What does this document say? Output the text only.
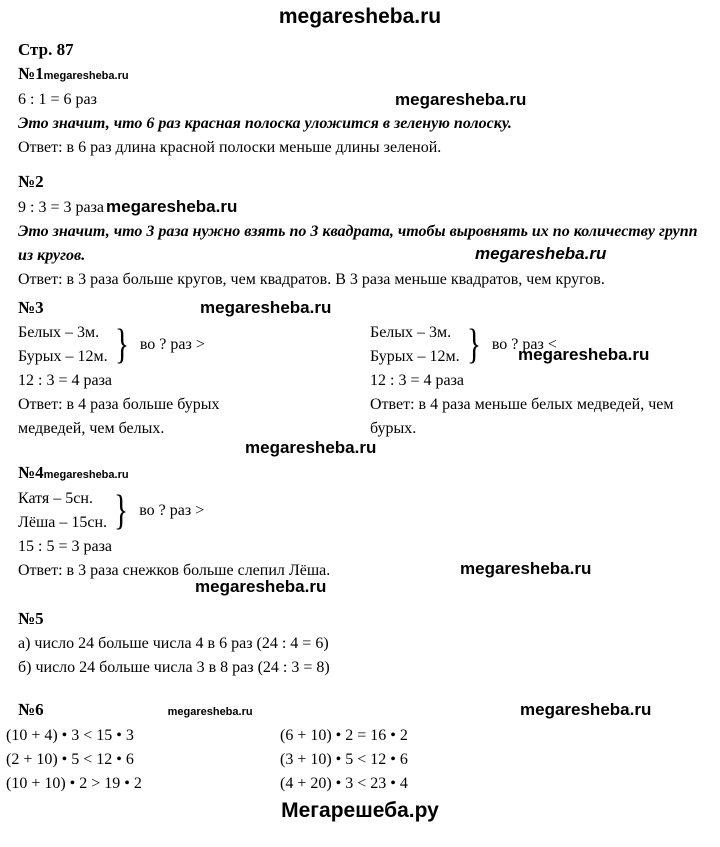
megaresheba.ru
Стр. 87
№1megaresheba.ru
6 : 1 = 6 раз	megaresheba.ru
Это значит, что 6 раз красная полоска уложится в зеленую полоску.
Ответ: в 6 раз длина красной полоски меньше длины зеленой.
№2
9 : 3 = 3 раза megaresheba.ru
Это значит, что 3 раза нужно взять по 3 квадрата, чтобы выровнять их по количеству групп из кругов.	megaresheba.ru
Ответ: в 3 раза больше кругов, чем квадратов. В 3 раза меньше квадратов, чем кругов.
№3	megaresheba.ru
Белых – 3м.
Бурых – 12м. } во ? раз >
12 : 3 = 4 раза
Ответ: в 4 раза больше бурых медведей, чем белых.
Белых – 3м.
Бурых – 12м. } во ? раз <
megaresheba.ru
12 : 3 = 4 раза
Ответ: в 4 раза меньше белых медведей, чем бурых.
megaresheba.ru
№4megaresheba.ru
Катя – 5сн.
Лёша – 15сн. } во ? раз >
15 : 5 = 3 раза
Ответ: в 3 раза снежков больше слепил Лёша.	megaresheba.ru
megaresheba.ru
№5
а) число 24 больше числа 4 в 6 раз (24 : 4 = 6)
б) число 24 больше числа 3 в 8 раз (24 : 3 = 8)
№6	megaresheba.ru	megaresheba.ru
(10 + 4) • 3 < 15 • 3	(6 + 10) • 2 = 16 • 2
(2 + 10) • 5 < 12 • 6	(3 + 10) • 5 < 12 • 6
(10 + 10) • 2 > 19 • 2	(4 + 20) • 3 < 23 • 4
Мегарешеба.ру
